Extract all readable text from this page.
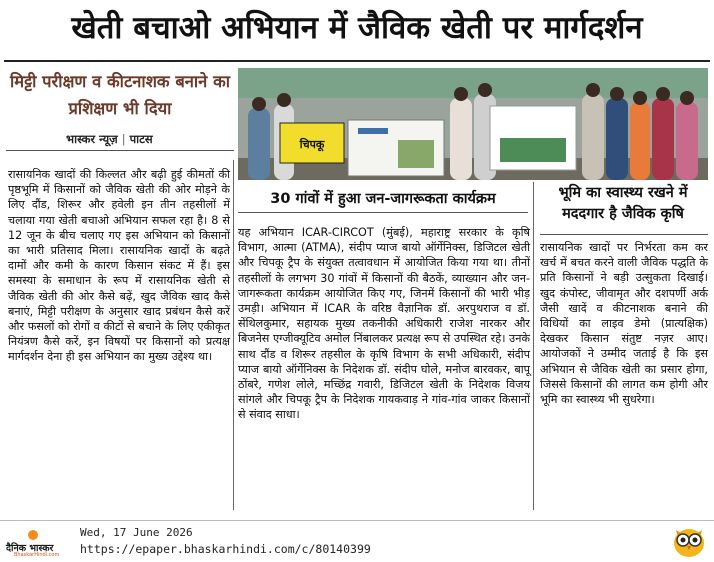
खेती बचाओ अभियान में जैविक खेती पर मार्गदर्शन
मिट्टी परीक्षण व कीटनाशक बनाने का प्रशिक्षण भी दिया
भास्कर न्यूज़ | पाटस
रासायनिक खादों की किल्लत और बढ़ी हुई कीमतों की पृष्ठभूमि में किसानों को जैविक खेती की ओर मोड़ने के लिए दौंड, शिरूर और हवेली इन तीन तहसीलों में चलाया गया खेती बचाओ अभियान सफल रहा है। 8 से 12 जून के बीच चलाए गए इस अभियान को किसानों का भारी प्रतिसाद मिला। रासायनिक खादों के बढ़ते दामों और कमी के कारण किसान संकट में हैं। इस समस्या के समाधान के रूप में रासायनिक खेती से जैविक खेती की ओर कैसे बढ़ें, खुद जैविक खाद कैसे बनाएं, मिट्टी परीक्षण के अनुसार खाद प्रबंधन कैसे करें और फसलों को रोगों व कीटों से बचाने के लिए एकीकृत नियंत्रण कैसे करें, इन विषयों पर किसानों को प्रत्यक्ष मार्गदर्शन देना ही इस अभियान का मुख्य उद्देश्य था।
चिपकू
30 गांवों में हुआ जन-जागरूकता कार्यक्रम
यह अभियान ICAR-CIRCOT (मुंबई), महाराष्ट्र सरकार के कृषि विभाग, आत्मा (ATMA), संदीप प्याज बायो ऑर्गेनिक्स, डिजिटल खेती और चिपकू ट्रैप के संयुक्त तत्वावधान में आयोजित किया गया था। तीनों तहसीलों के लगभग 30 गांवों में किसानों की बैठकें, व्याख्यान और जन-जागरूकता कार्यक्रम आयोजित किए गए, जिनमें किसानों की भारी भीड़ उमड़ी। अभियान में ICAR के वरिष्ठ वैज्ञानिक डॉ. अरपुथराज व डॉ. सेंथिलकुमार, सहायक मुख्य तकनीकी अधिकारी राजेश नारकर और बिजनेस एग्जीक्यूटिव अमोल निंबालकर प्रत्यक्ष रूप से उपस्थित रहे। उनके साथ दौंड व शिरूर तहसील के कृषि विभाग के सभी अधिकारी, संदीप प्याज बायो ऑर्गेनिक्स के निदेशक डॉ. संदीप घोले, मनोज बारवकर, बापू ठोंबरे, गणेश लोले, मच्छिंद्र गवारी, डिजिटल खेती के निदेशक विजय सांगले और चिपकू ट्रैप के निदेशक गायकवाड़ ने गांव-गांव जाकर किसानों से संवाद साधा।
भूमि का स्वास्थ्य रखने में मददगार है जैविक कृषि
रासायनिक खादों पर निर्भरता कम कर खर्च में बचत करने वाली जैविक पद्धति के प्रति किसानों ने बड़ी उत्सुकता दिखाई। खुद कंपोस्ट, जीवामृत और दशपर्णी अर्क जैसी खादें व कीटनाशक बनाने की विधियों का लाइव डेमो (प्रात्यक्षिक) देखकर किसान संतुष्ट नज़र आए। आयोजकों ने उम्मीद जताई है कि इस अभियान से जैविक खेती का प्रसार होगा, जिससे किसानों की लागत कम होगी और भूमि का स्वास्थ्य भी सुधरेगा।
दैनिक भास्कर
BhaskarHindi.com
Wed, 17 June 2026
https://epaper.bhaskarhindi.com/c/80140399
